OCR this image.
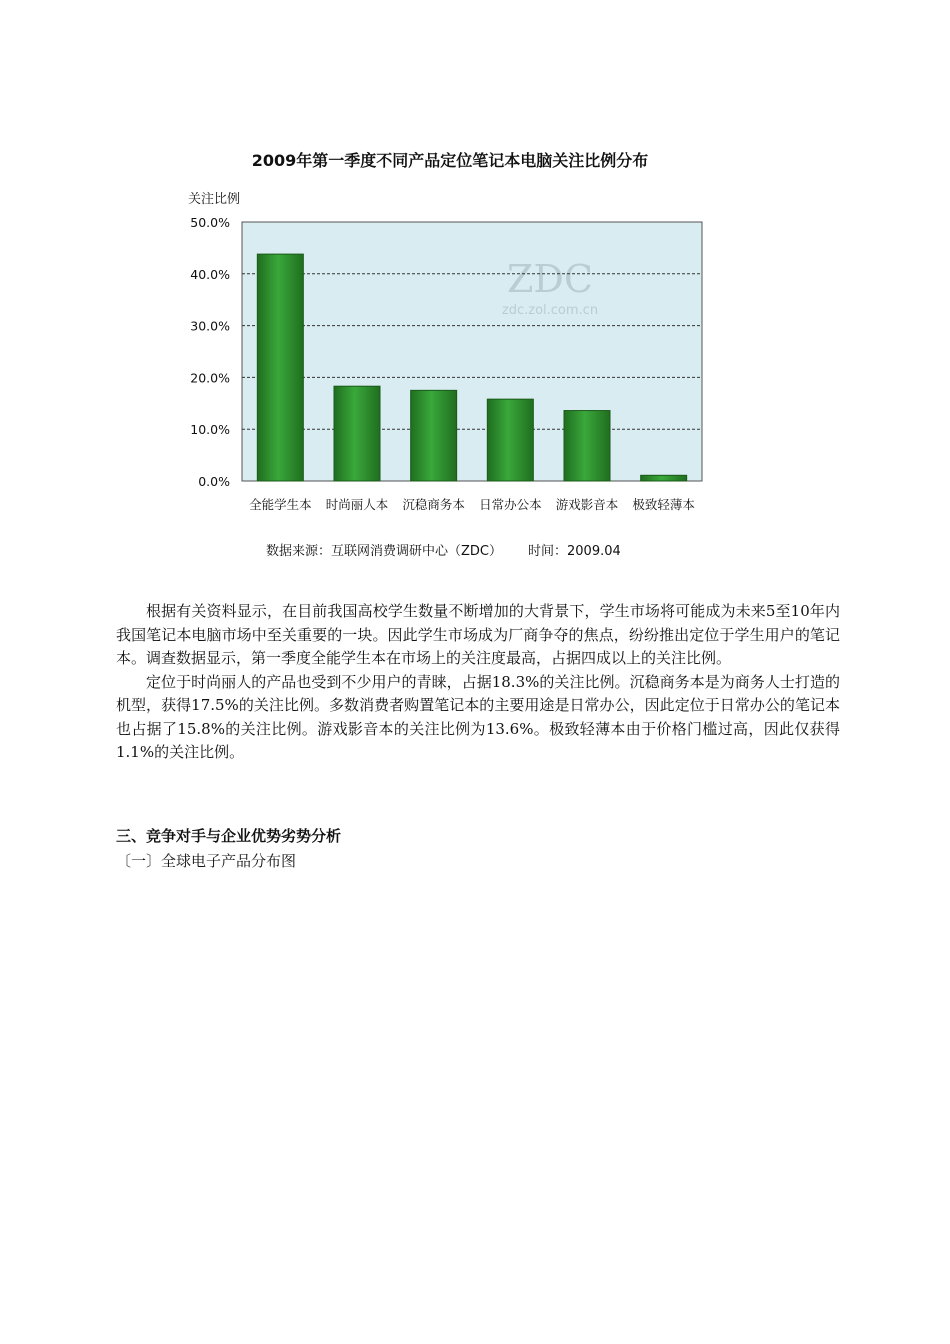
2009年第一季度不同产品定位笔记本电脑关注比例分布
关注比例
ZDC
zdc.zol.com.cn
0.0%
10.0%
20.0%
30.0%
40.0%
50.0%
全能学生本 时尚丽人本 沉稳商务本 日常办公本 游戏影音本 极致轻薄本
数据来源：互联网消费调研中心（ZDC） 时间：2009.04

根据有关资料显示，在目前我国高校学生数量不断增加的大背景下，学生市场将可能成为未来5至10年内我国笔记本电脑市场中至关重要的一块。因此学生市场成为厂商争夺的焦点，纷纷推出定位于学生用户的笔记本。调查数据显示，第一季度全能学生本在市场上的关注度最高，占据四成以上的关注比例。

定位于时尚丽人的产品也受到不少用户的青睐，占据18.3%的关注比例。沉稳商务本是为商务人士打造的机型，获得17.5%的关注比例。多数消费者购置笔记本的主要用途是日常办公，因此定位于日常办公的笔记本也占据了15.8%的关注比例。游戏影音本的关注比例为13.6%。极致轻薄本由于价格门槛过高，因此仅获得1.1%的关注比例。

三、竞争对手与企业优势劣势分析
〔一〕全球电子产品分布图
